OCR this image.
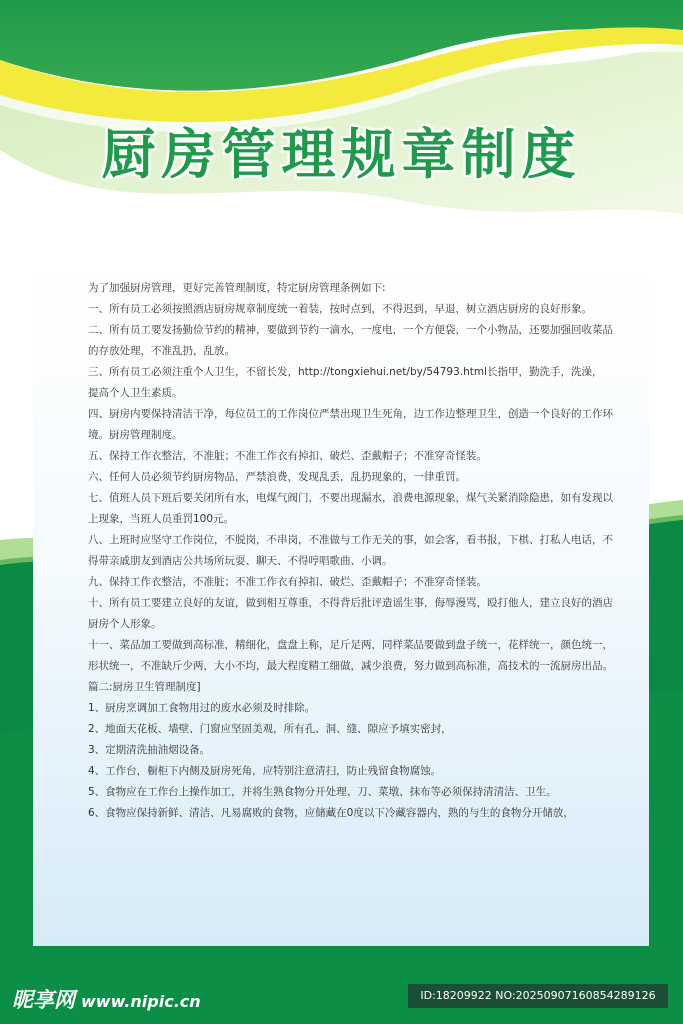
厨房管理规章制度

为了加强厨房管理，更好完善管理制度，特定厨房管理条例如下:

一、所有员工必须按照酒店厨房规章制度统一着装，按时点到，不得迟到，早退，树立酒店厨房的良好形象。

二、所有员工要发扬勤俭节约的精神，要做到节约一滴水，一度电，一个方便袋，一个小物品，还要加强回收菜品的存放处理，不准乱扔，乱放。

三、所有员工必须注重个人卫生，不留长发，http://tongxiehui.net/by/54793.html长指甲，勤洗手，洗澡，提高个人卫生素质。

四、厨房内要保持清洁干净，每位员工的工作岗位严禁出现卫生死角，边工作边整理卫生，创造一个良好的工作环境。厨房管理制度。

五、保持工作衣整洁，不准脏；不准工作衣有掉扣、破烂、歪戴帽子；不准穿奇怪装。

六、任何人员必须节约厨房物品，严禁浪费，发现乱丢，乱扔现象的，一律重罚。

七、值班人员下班后要关闭所有水，电煤气阀门，不要出现漏水，浪费电源现象，煤气关紧消除隐患，如有发现以上现象，当班人员重罚100元。

八、上班时应坚守工作岗位，不脱岗，不串岗，不准做与工作无关的事，如会客，看书报，下棋、打私人电话，不得带亲戚朋友到酒店公共场所玩耍、聊天、不得哼唱歌曲、小调。

九、保持工作衣整洁，不准脏；不准工作衣有掉扣、破烂、歪戴帽子；不准穿奇怪装。

十、所有员工要建立良好的友谊，做到相互尊重，不得背后批评造谣生事，侮辱漫骂，殴打他人，建立良好的酒店厨房个人形象。

十一、菜品加工要做到高标准，精细化，盘盘上称，足斤足两，同样菜品要做到盘子统一，花样统一，颜色统一，形状统一，不准缺斤少两，大小不均，最大程度精工细做，减少浪费，努力做到高标准，高技术的一流厨房出品。

篇二:厨房卫生管理制度]

1、厨房烹调加工食物用过的废水必须及时排除。

2、地面天花板、墙壁、门窗应坚固美观，所有孔、洞、缝、隙应予填实密封，

3、定期清洗抽油烟设备。

4、工作台，橱柜下内侧及厨房死角，应特别注意清扫，防止残留食物腐蚀。

5、食物应在工作台上操作加工，并将生熟食物分开处理、刀、菜墩、抹布等必须保持清清洁、卫生。

6、食物应保持新鲜、清洁、凡易腐败的食物，应储藏在0度以下冷藏容器内，熟的与生的食物分开储放，

昵享网 www.nipic.cn	ID:18209922 NO:20250907160854289126
